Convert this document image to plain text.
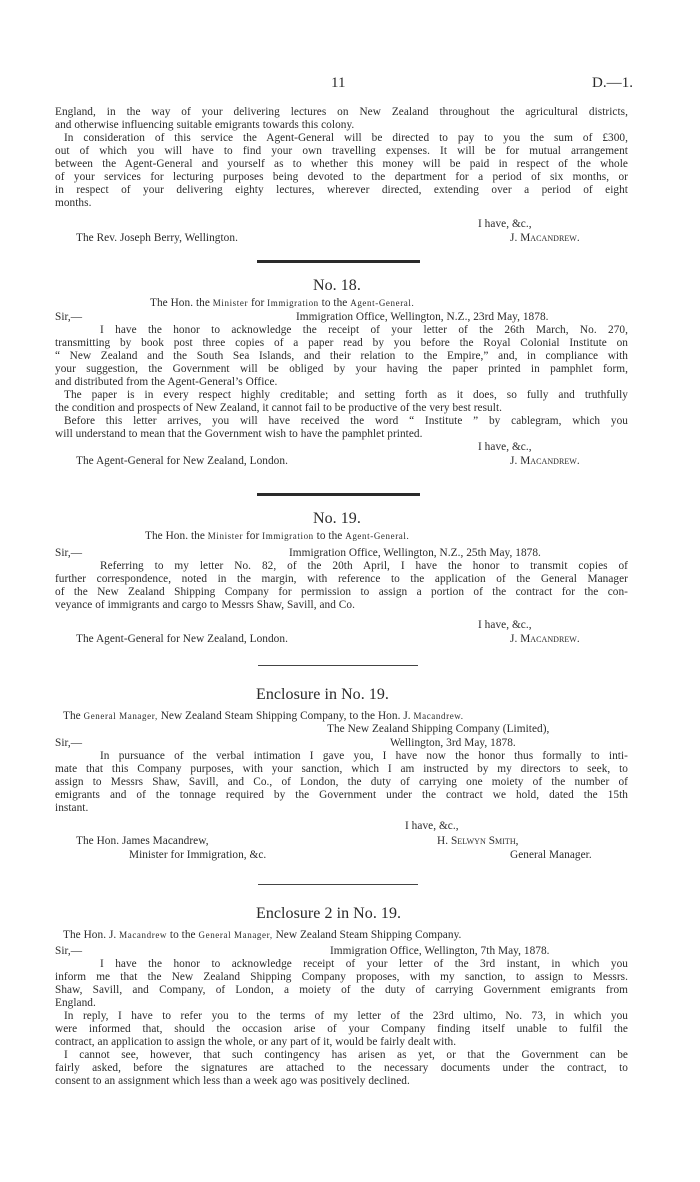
11	D.—1.
England, in the way of your delivering lectures on New Zealand throughout the agricultural districts,
and otherwise influencing suitable emigrants towards this colony.
In consideration of this service the Agent-General will be directed to pay to you the sum of £300,
out of which you will have to find your own travelling expenses. It will be for mutual arrangement
between the Agent-General and yourself as to whether this money will be paid in respect of the whole
of your services for lecturing purposes being devoted to the department for a period of six months, or
in respect of your delivering eighty lectures, wherever directed, extending over a period of eight
months.
I have, &c.,
The Rev. Joseph Berry, Wellington.	J. Macandrew.
No. 18.
The Hon. the Minister for Immigration to the Agent-General.
Sir,—	Immigration Office, Wellington, N.Z., 23rd May, 1878.
I have the honor to acknowledge the receipt of your letter of the 26th March, No. 270,
transmitting by book post three copies of a paper read by you before the Royal Colonial Institute on
“ New Zealand and the South Sea Islands, and their relation to the Empire,” and, in compliance with
your suggestion, the Government will be obliged by your having the paper printed in pamphlet form,
and distributed from the Agent-General’s Office.
The paper is in every respect highly creditable; and setting forth as it does, so fully and truthfully
the condition and prospects of New Zealand, it cannot fail to be productive of the very best result.
Before this letter arrives, you will have received the word “ Institute ” by cablegram, which you
will understand to mean that the Government wish to have the pamphlet printed.
I have, &c.,
The Agent-General for New Zealand, London.	J. Macandrew.
No. 19.
The Hon. the Minister for Immigration to the Agent-General.
Sir,—	Immigration Office, Wellington, N.Z., 25th May, 1878.
Referring to my letter No. 82, of the 20th April, I have the honor to transmit copies of
further correspondence, noted in the margin, with reference to the application of the General Manager
of the New Zealand Shipping Company for permission to assign a portion of the contract for the con-
veyance of immigrants and cargo to Messrs Shaw, Savill, and Co.
I have, &c.,
The Agent-General for New Zealand, London.	J. Macandrew.
Enclosure in No. 19.
The General Manager, New Zealand Steam Shipping Company, to the Hon. J. Macandrew.
The New Zealand Shipping Company (Limited),
Sir,—	Wellington, 3rd May, 1878.
In pursuance of the verbal intimation I gave you, I have now the honor thus formally to inti-
mate that this Company purposes, with your sanction, which I am instructed by my directors to seek, to
assign to Messrs Shaw, Savill, and Co., of London, the duty of carrying one moiety of the number of
emigrants and of the tonnage required by the Government under the contract we hold, dated the 15th
instant.
I have, &c.,
The Hon. James Macandrew,	H. Selwyn Smith,
Minister for Immigration, &c.	General Manager.
Enclosure 2 in No. 19.
The Hon. J. Macandrew to the General Manager, New Zealand Steam Shipping Company.
Sir,—	Immigration Office, Wellington, 7th May, 1878.
I have the honor to acknowledge receipt of your letter of the 3rd instant, in which you
inform me that the New Zealand Shipping Company proposes, with my sanction, to assign to Messrs.
Shaw, Savill, and Company, of London, a moiety of the duty of carrying Government emigrants from
England.
In reply, I have to refer you to the terms of my letter of the 23rd ultimo, No. 73, in which you
were informed that, should the occasion arise of your Company finding itself unable to fulfil the
contract, an application to assign the whole, or any part of it, would be fairly dealt with.
I cannot see, however, that such contingency has arisen as yet, or that the Government can be
fairly asked, before the signatures are attached to the necessary documents under the contract, to
consent to an assignment which less than a week ago was positively declined.
